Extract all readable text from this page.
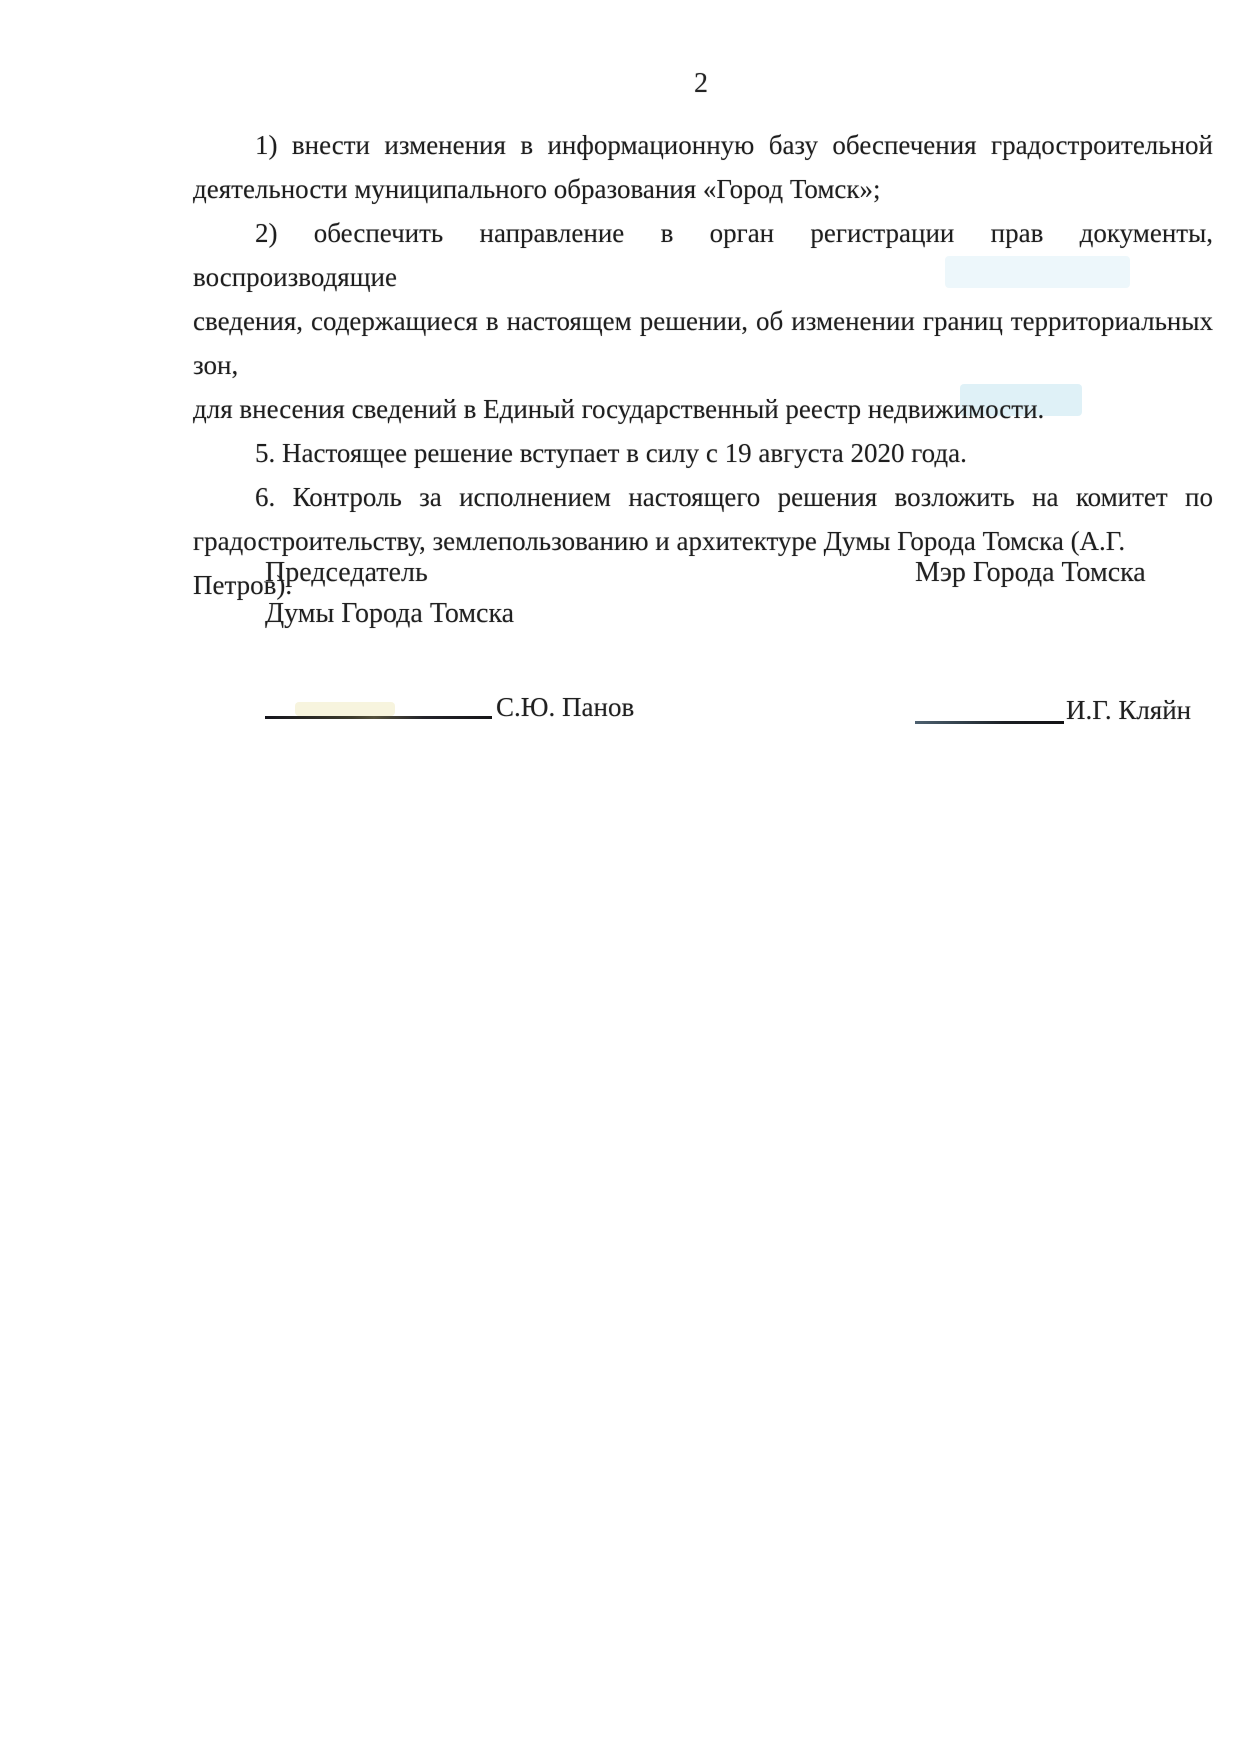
2
1) внести изменения в информационную базу обеспечения градостроительной
деятельности муниципального образования «Город Томск»;
2) обеспечить направление в орган регистрации прав документы, воспроизводящие
сведения, содержащиеся в настоящем решении, об изменении границ территориальных зон,
для внесения сведений в Единый государственный реестр недвижимости.
5. Настоящее решение вступает в силу с 19 августа 2020 года.
6. Контроль за исполнением настоящего решения возложить на комитет по
градостроительству, землепользованию и архитектуре Думы Города Томска (А.Г. Петров).
Председатель
Думы Города Томска
Мэр Города Томска
С.Ю. Панов	И.Г. Кляйн
